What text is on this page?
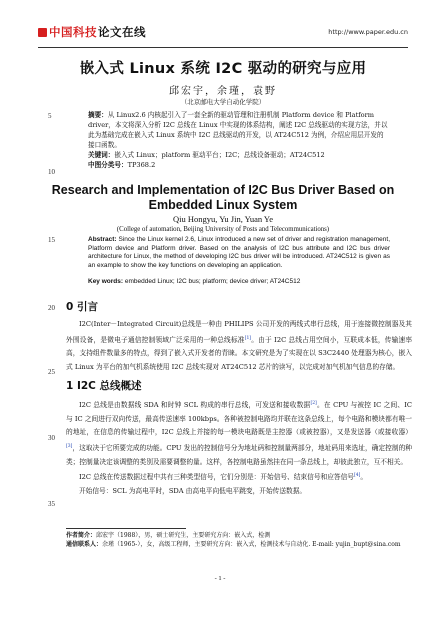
中国科技 论文在线	http://www.paper.edu.cn
嵌入式 Linux 系统 I2C 驱动的研究与应用
邱宏宇，余瑾，袁野
（北京邮电大学自动化学院）
5
10
15
20
25
30
35
摘要：从 Linux2.6 内核起引入了一套全新的驱动管理和注册机制 Platform device 和 Platform driver，本文将深入分析 I2C 总线在 Linux 中实现的体系结构，阐述 I2C 总线驱动的实现方法，并以此为基础完成在嵌入式 Linux 系统中 I2C 总线驱动的开发，以 AT24C512 为例，介绍应用层开发的接口函数。
关键词：嵌入式 Linux；platform 驱动平台；I2C；总线设备驱动；AT24C512
中图分类号：TP368.2
Research and Implementation of I2C Bus Driver Based on Embedded Linux System
Qiu Hongyu, Yu Jin, Yuan Ye
(College of automation, Beijing University of Posts and Telecommunications)
Abstract: Since the Linux kernel 2.6, Linux introduced a new set of driver and registration management, Platform device and Platform driver. Based on the analysis of I2C bus attribute and I2C bus driver architecture for Linux, the method of developing I2C bus driver will be introduced. AT24C512 is given as an example to show the key functions on developing an application.
Key words: embedded Linux; I2C bus; platform; device driver; AT24C512
0 引言

I2C(Inter－Integrated Circuit)总线是一种由 PHILIPS 公司开发的两线式串行总线，用于连接微控制器及其外围设备，是微电子通信控制领域广泛采用的一种总线标准[1]。由于 I2C 总线占用空间小，互联成本低，传输速率高，支持组件数量多的特点，得到了嵌入式开发者的青睐。本文研究是为了实现在以 S3C2440 处理器为核心，嵌入式 Linux 为平台的加气机系统使用 I2C 总线实现对 AT24C512 芯片的读写，以完成对加气机加气信息的存储。

1 I2C 总线概述

I2C 总线是由数据线 SDA 和时钟 SCL 构成的串行总线，可发送和接收数据[2]。在 CPU 与被控 IC 之间、IC 与 IC 之间进行双向传送，最高传送速率 100kbps。各种被控制电路均并联在这条总线上，每个电路和模块都有唯一的地址，在信息的传输过程中，I2C 总线上并接的每一模块电路既是主控器（或被控器），又是发送器（或接收器）[3]，这取决于它所要完成的功能。CPU 发出的控制信号分为地址码和控制量两部分，地址码用来选址，确定控制的种类；控制量决定该调整的类别及需要调整的量。这样，各控制电路虽然挂在同一条总线上，却彼此独立，互不相关。

I2C 总线在传送数据过程中共有三种类型信号，它们分别是：开始信号、结束信号和应答信号[4]。

开始信号：SCL 为高电平时，SDA 由高电平向低电平跳变，开始传送数据。

作者简介：邱宏宇（1988），男，硕士研究生，主要研究方向：嵌入式，检测
通信联系人：余瑾（1965-），女，高级工程师，主要研究方向：嵌入式，检测技术与自动化. E-mail: yujin_bupt@sina.com
- 1 -
